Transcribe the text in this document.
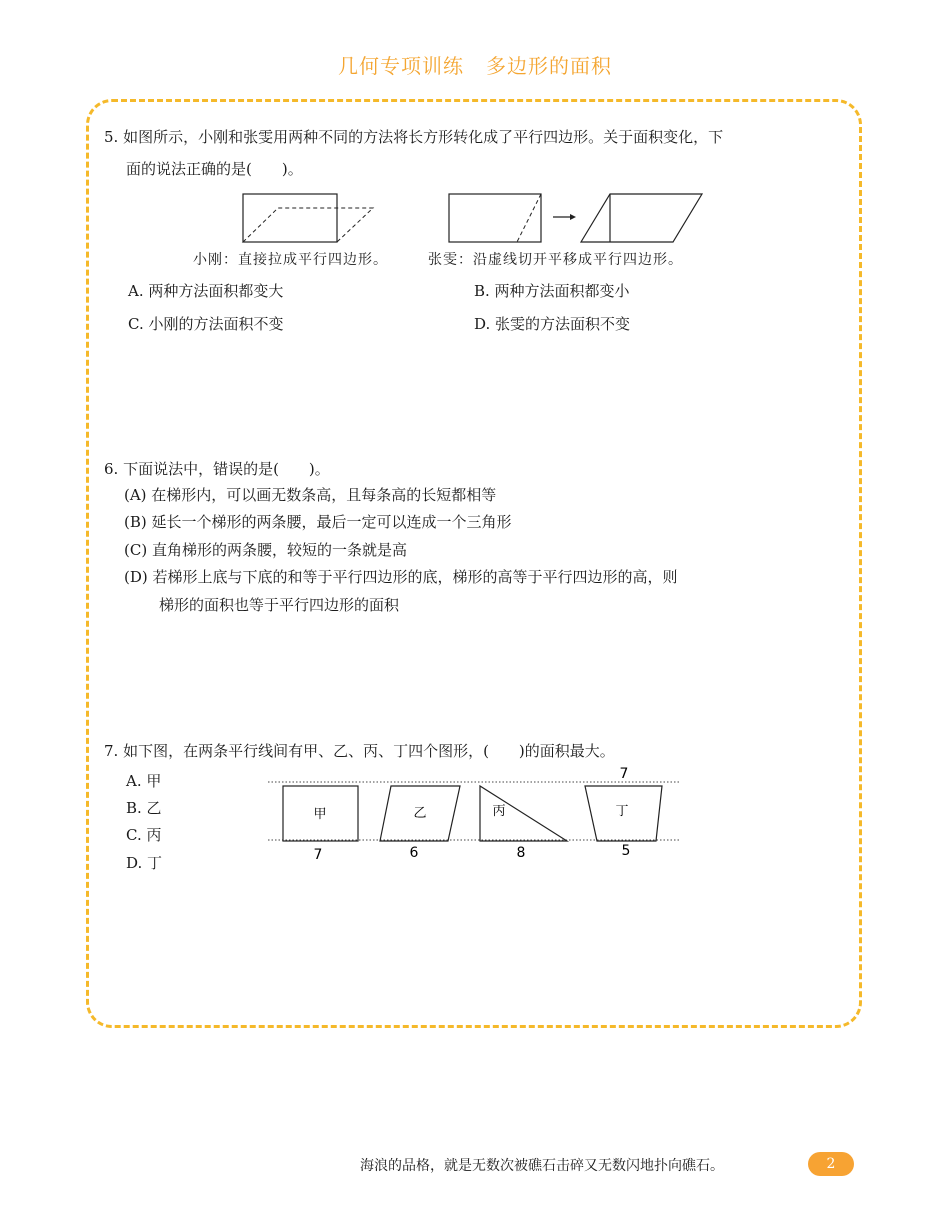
几何专项训练 多边形的面积
5. 如图所示，小刚和张雯用两种不同的方法将长方形转化成了平行四边形。关于面积变化，下
面的说法正确的是(　　)。
小刚：直接拉成平行四边形。	张雯：沿虚线切开平移成平行四边形。
A. 两种方法面积都变大	B. 两种方法面积都变小
C. 小刚的方法面积不变	D. 张雯的方法面积不变
6. 下面说法中，错误的是(　　)。
(A) 在梯形内，可以画无数条高，且每条高的长短都相等
(B) 延长一个梯形的两条腰，最后一定可以连成一个三角形
(C) 直角梯形的两条腰，较短的一条就是高
(D) 若梯形上底与下底的和等于平行四边形的底，梯形的高等于平行四边形的高，则
梯形的面积也等于平行四边形的面积
7. 如下图，在两条平行线间有甲、乙、丙、丁四个图形，(　　)的面积最大。
A. 甲
B. 乙
C. 丙
D. 丁
甲	乙	丙	丁
7
7	6	8	5
海浪的品格，就是无数次被礁石击碎又无数闪地扑向礁石。	2
